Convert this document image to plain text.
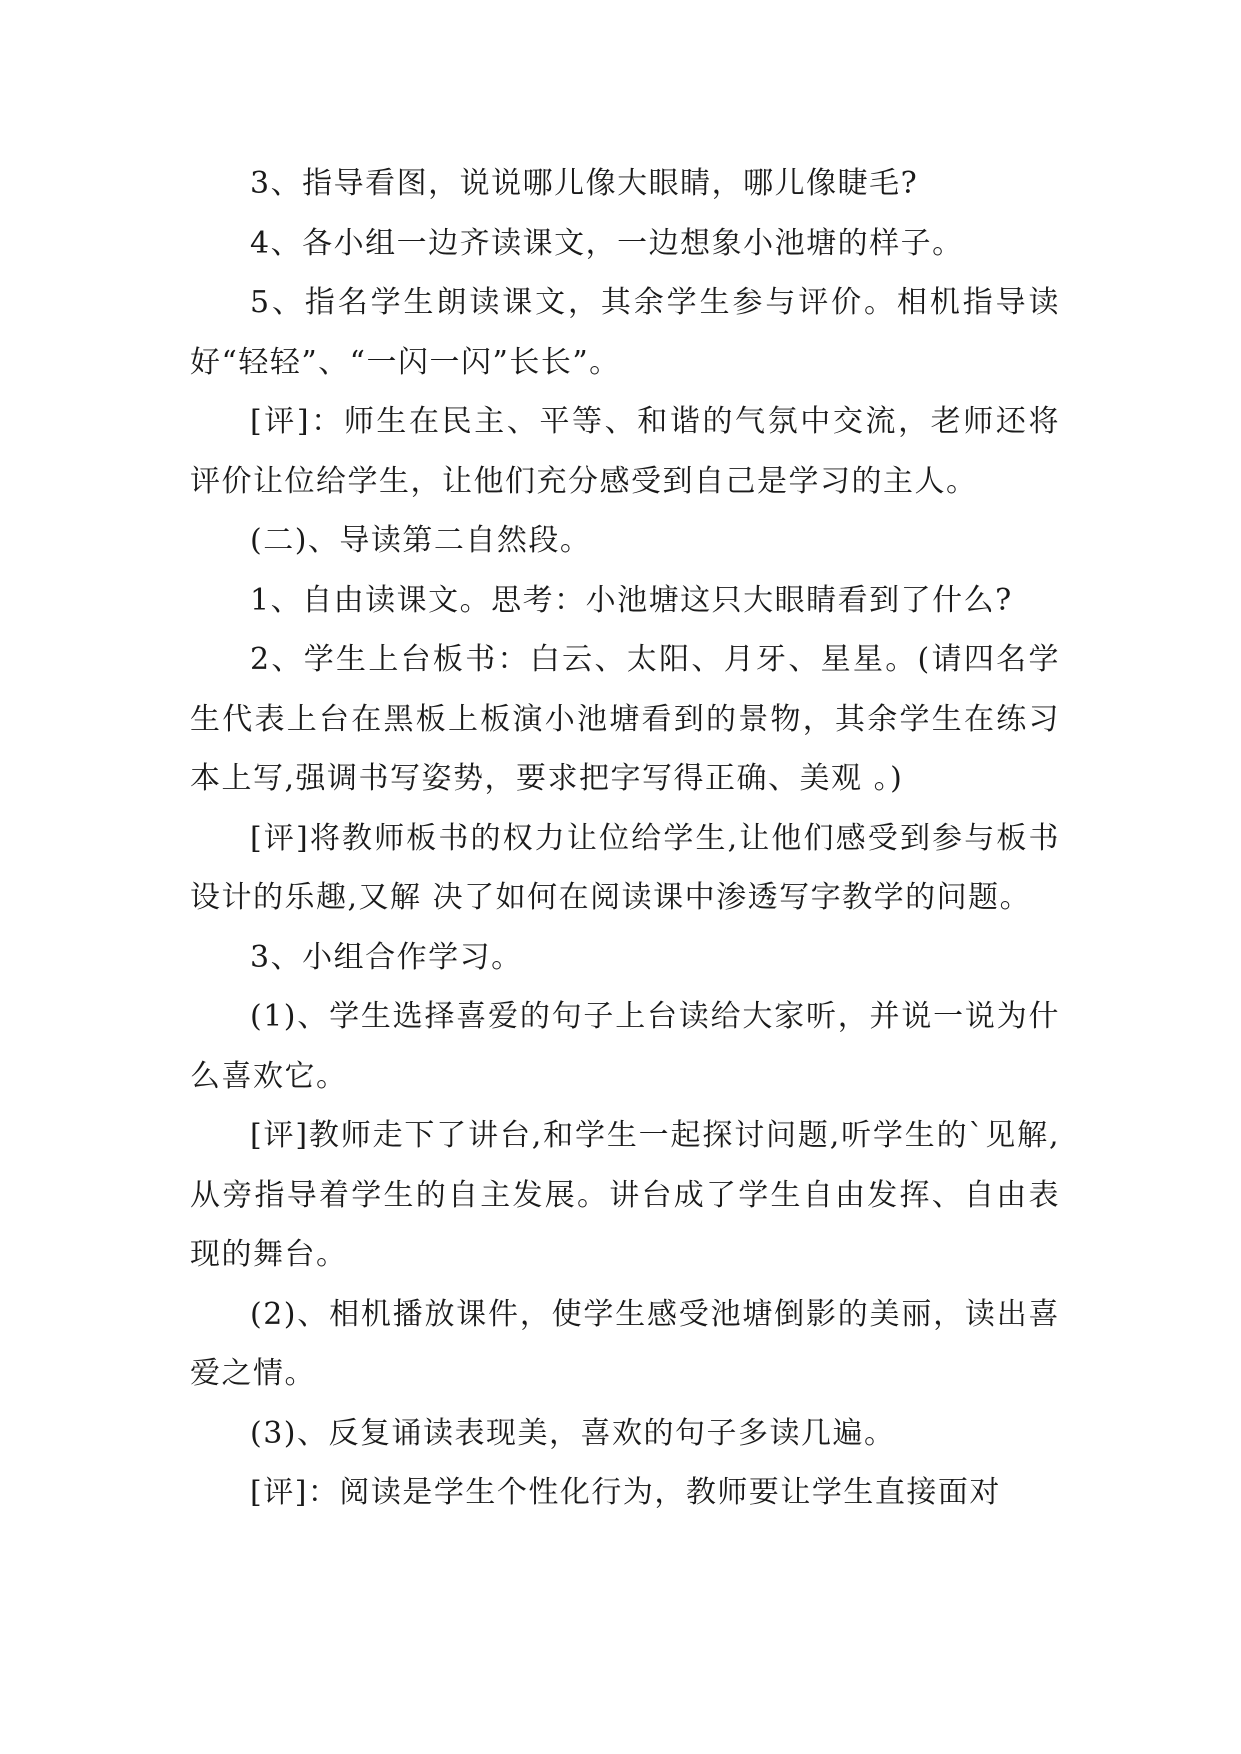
3、指导看图，说说哪儿像大眼睛，哪儿像睫毛?

4、各小组一边齐读课文，一边想象小池塘的样子。

5、指名学生朗读课文，其余学生参与评价。相机指导读好“轻轻”、“一闪一闪”长长”。

[评]：师生在民主、平等、和谐的气氛中交流，老师还将评价让位给学生，让他们充分感受到自己是学习的主人。

(二)、导读第二自然段。

1、自由读课文。思考：小池塘这只大眼睛看到了什么?

2、学生上台板书：白云、太阳、月牙、星星。(请四名学生代表上台在黑板上板演小池塘看到的景物，其余学生在练习本上写,强调书写姿势，要求把字写得正确、美观 。)

[评]将教师板书的权力让位给学生,让他们感受到参与板书设计的乐趣,又解 决了如何在阅读课中渗透写字教学的问题。

3、小组合作学习。

(1)、学生选择喜爱的句子上台读给大家听，并说一说为什么喜欢它。

[评]教师走下了讲台,和学生一起探讨问题,听学生的`见解,从旁指导着学生的自主发展。讲台成了学生自由发挥、自由表现的舞台。

(2)、相机播放课件，使学生感受池塘倒影的美丽，读出喜爱之情。

(3)、反复诵读表现美，喜欢的句子多读几遍。

[评]：阅读是学生个性化行为，教师要让学生直接面对
